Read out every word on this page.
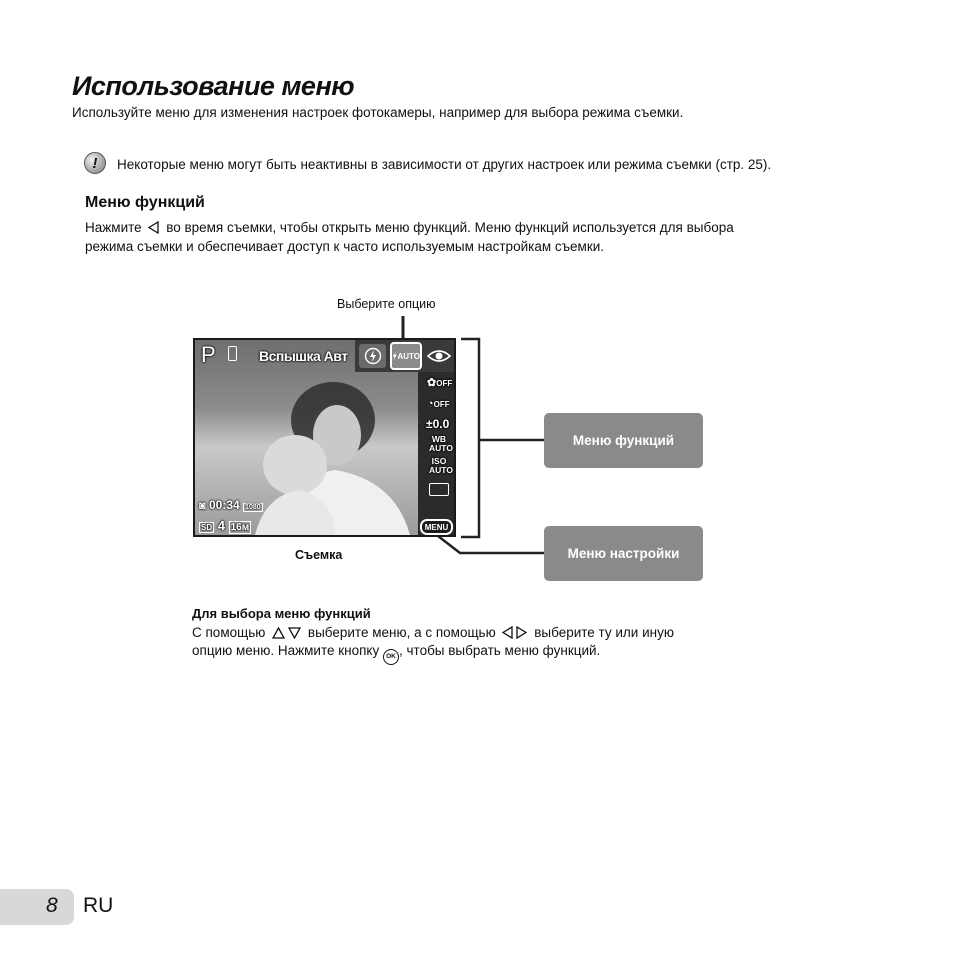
Использование меню
Используйте меню для изменения настроек фотокамеры, например для выбора режима съемки.
!	Некоторые меню могут быть неактивны в зависимости от других настроек или режима съемки (стр. 25).
Меню функций
Нажмите во время съемки, чтобы открыть меню функций. Меню функций используется для выбора
режима съемки и обеспечивает доступ к часто используемым настройкам съемки.
Выберите опцию
P	Вспышка Авт	AUTO
✿OFF
◔OFF
±0.0
WB AUTO
ISO AUTO
MENU
◙ 00:34 1080
SD 4 16м
Съемка
Меню функций
Меню настройки
Для выбора меню функций
С помощью	выберите меню, а с помощью	выберите ту или иную
опцию меню. Нажмите кнопку OK , чтобы выбрать меню функций.
8 RU
